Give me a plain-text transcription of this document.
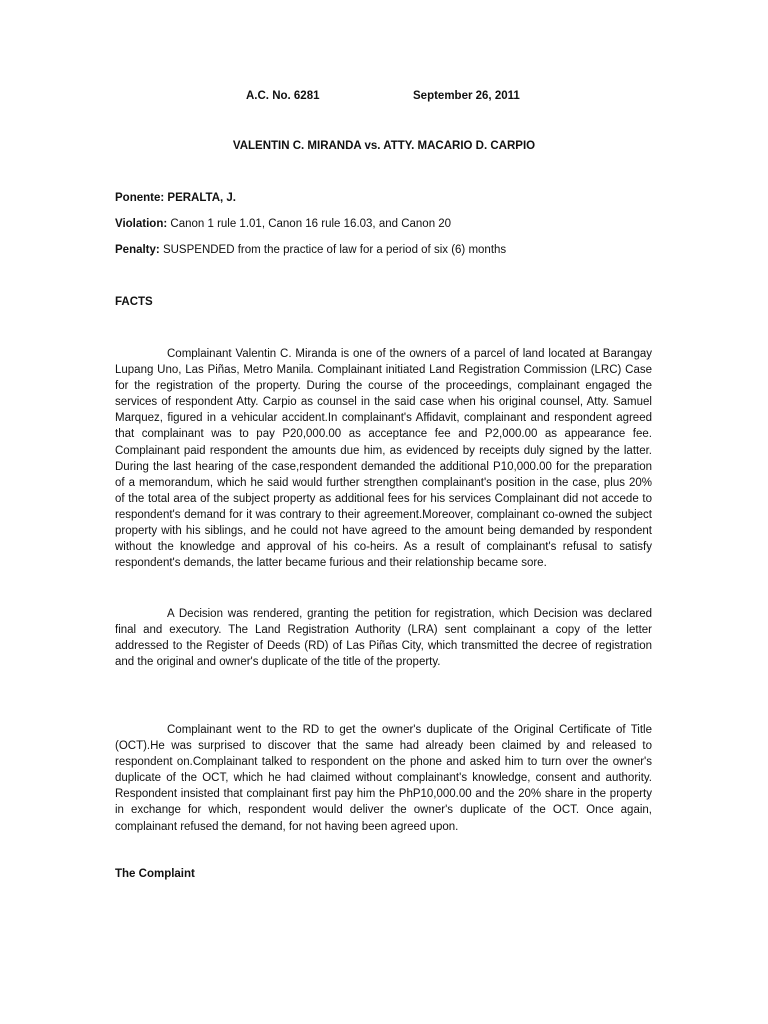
A.C. No. 6281	September 26, 2011
VALENTIN C. MIRANDA vs. ATTY. MACARIO D. CARPIO
Ponente: PERALTA, J.
Violation: Canon 1 rule 1.01, Canon 16 rule 16.03, and Canon 20
Penalty: SUSPENDED from the practice of law for a period of six (6) months
FACTS

Complainant Valentin C. Miranda is one of the owners of a parcel of land located at Barangay Lupang Uno, Las Piñas, Metro Manila. Complainant initiated Land Registration Commission (LRC) Case for the registration of the property. During the course of the proceedings, complainant engaged the services of respondent Atty. Carpio as counsel in the said case when his original counsel, Atty. Samuel Marquez, figured in a vehicular accident.In complainant's Affidavit, complainant and respondent agreed that complainant was to pay P20,000.00 as acceptance fee and P2,000.00 as appearance fee. Complainant paid respondent the amounts due him, as evidenced by receipts duly signed by the latter. During the last hearing of the case,respondent demanded the additional P10,000.00 for the preparation of a memorandum, which he said would further strengthen complainant's position in the case, plus 20% of the total area of the subject property as additional fees for his services Complainant did not accede to respondent's demand for it was contrary to their agreement.Moreover, complainant co-owned the subject property with his siblings, and he could not have agreed to the amount being demanded by respondent without the knowledge and approval of his co-heirs. As a result of complainant's refusal to satisfy respondent's demands, the latter became furious and their relationship became sore.

A Decision was rendered, granting the petition for registration, which Decision was declared final and executory. The Land Registration Authority (LRA) sent complainant a copy of the letter addressed to the Register of Deeds (RD) of Las Piñas City, which transmitted the decree of registration and the original and owner's duplicate of the title of the property.

Complainant went to the RD to get the owner's duplicate of the Original Certificate of Title (OCT).He was surprised to discover that the same had already been claimed by and released to respondent on.Complainant talked to respondent on the phone and asked him to turn over the owner's duplicate of the OCT, which he had claimed without complainant's knowledge, consent and authority. Respondent insisted that complainant first pay him the PhP10,000.00 and the 20% share in the property in exchange for which, respondent would deliver the owner's duplicate of the OCT. Once again, complainant refused the demand, for not having been agreed upon.

The Complaint
